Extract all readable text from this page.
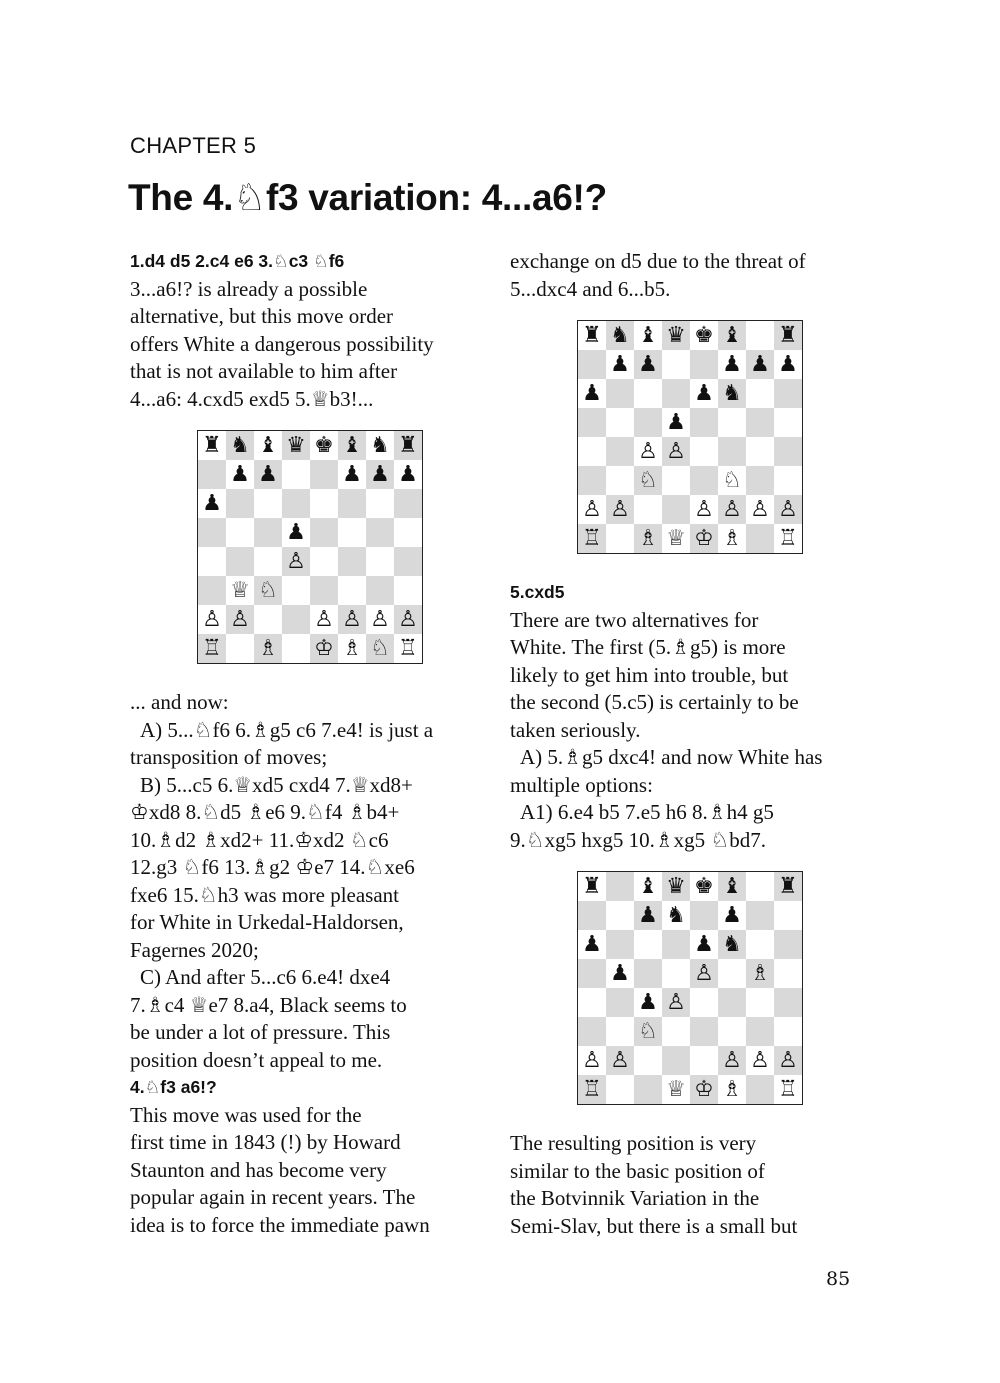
CHAPTER 5
The 4.♘f3 variation: 4...a6!?

1.d4 d5 2.c4 e6 3.♘c3 ♘f6

3...a6!? is already a possible
alternative, but this move order
offers White a dangerous possibility
that is not available to him after
4...a6: 4.cxd5 exd5 5.♕b3!...

♜ ♞ ♝ ♛ ♚ ♝ ♞ ♜
♟ ♟	♟ ♟ ♟
♟
♟
♙
♕ ♘
♙ ♙	♙ ♙ ♙ ♙
♖ ♗ ♔ ♗ ♘ ♖

... and now:
A) 5...♘f6 6.♗g5 c6 7.e4! is just a
transposition of moves;
B) 5...c5 6.♕xd5 cxd4 7.♕xd8+
♔xd8 8.♘d5 ♗e6 9.♘f4 ♗b4+
10.♗d2 ♗xd2+ 11.♔xd2 ♘c6
12.g3 ♘f6 13.♗g2 ♔e7 14.♘xe6
fxe6 15.♘h3 was more pleasant
for White in Urkedal-Haldorsen,
Fagernes 2020;
C) And after 5...c6 6.e4! dxe4
7.♗c4 ♕e7 8.a4, Black seems to
be under a lot of pressure. This
position doesn’t appeal to me.

4.♘f3 a6!?

This move was used for the
first time in 1843 (!) by Howard
Staunton and has become very
popular again in recent years. The
idea is to force the immediate pawn

exchange on d5 due to the threat of
5...dxc4 and 6...b5.

♜ ♞ ♝ ♛ ♚ ♝ ♜
♟ ♟	♟ ♟ ♟
♟	♟ ♞
♟
♙ ♙
♘	♘
♙ ♙	♙ ♙ ♙ ♙
♖ ♗ ♕ ♔ ♗ ♖

5.cxd5

There are two alternatives for
White. The first (5.♗g5) is more
likely to get him into trouble, but
the second (5.c5) is certainly to be
taken seriously.
A) 5.♗g5 dxc4! and now White has
multiple options:
A1) 6.e4 b5 7.e5 h6 8.♗h4 g5
9.♘xg5 hxg5 10.♗xg5 ♘bd7.

♜ ♝ ♛ ♚ ♝ ♜
♟ ♞ ♟
♟	♟ ♞
♟	♙ ♗
♟ ♙
♘
♙ ♙	♙ ♙ ♙
♖	♕ ♔ ♗ ♖

The resulting position is very
similar to the basic position of
the Botvinnik Variation in the
Semi-Slav, but there is a small but

85
